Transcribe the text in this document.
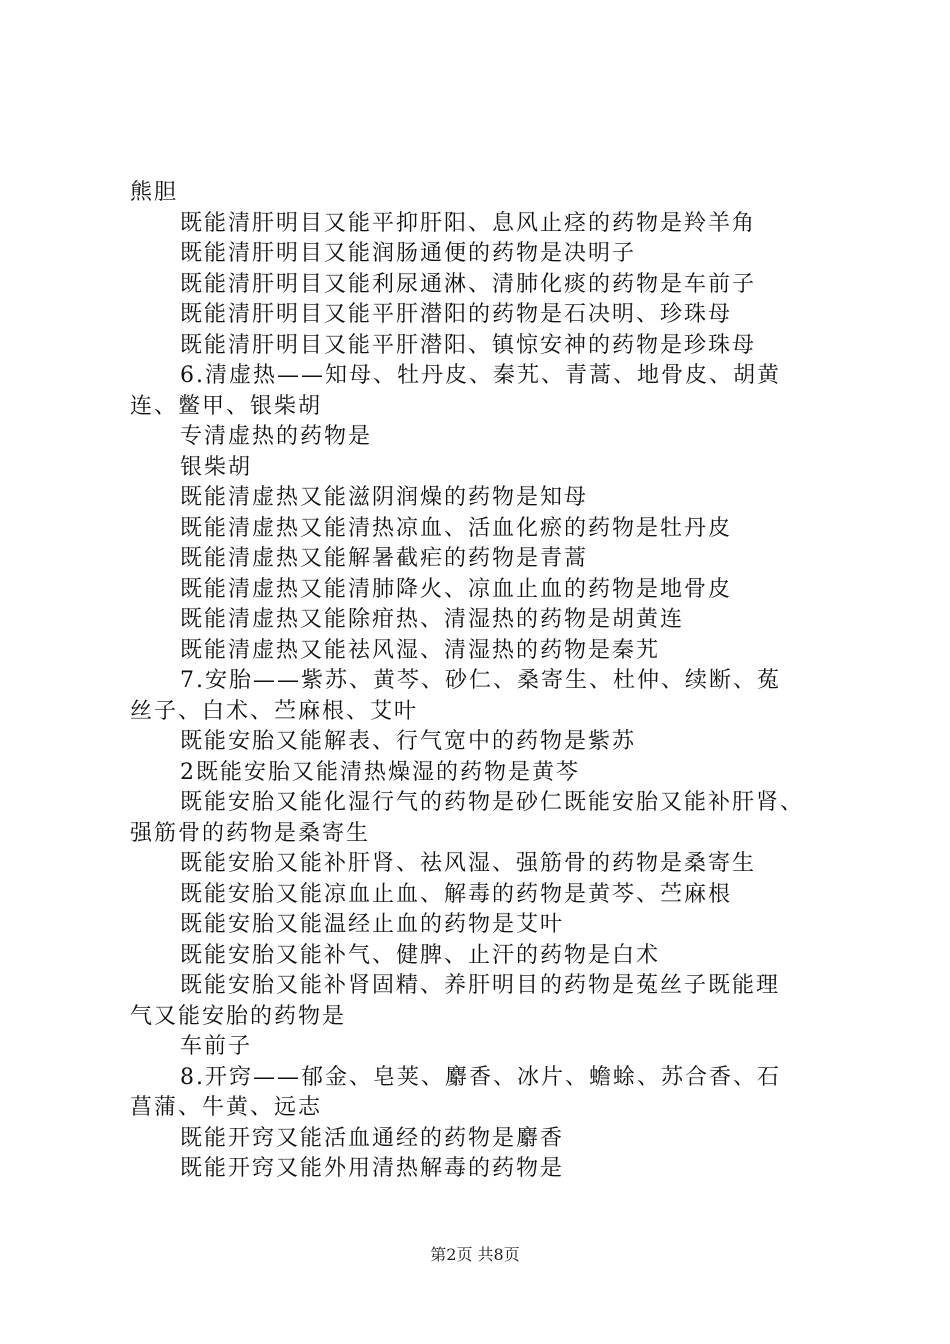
熊胆
既能清肝明目又能平抑肝阳、息风止痉的药物是羚羊角
既能清肝明目又能润肠通便的药物是决明子
既能清肝明目又能利尿通淋、清肺化痰的药物是车前子
既能清肝明目又能平肝潜阳的药物是石决明、珍珠母
既能清肝明目又能平肝潜阳、镇惊安神的药物是珍珠母
6.清虚热——知母、牡丹皮、秦艽、青蒿、地骨皮、胡黄
连、鳖甲、银柴胡
专清虚热的药物是
银柴胡
既能清虚热又能滋阴润燥的药物是知母
既能清虚热又能清热凉血、活血化瘀的药物是牡丹皮
既能清虚热又能解暑截疟的药物是青蒿
既能清虚热又能清肺降火、凉血止血的药物是地骨皮
既能清虚热又能除疳热、清湿热的药物是胡黄连
既能清虚热又能祛风湿、清湿热的药物是秦艽
7.安胎——紫苏、黄芩、砂仁、桑寄生、杜仲、续断、菟
丝子、白术、苎麻根、艾叶
既能安胎又能解表、行气宽中的药物是紫苏
2既能安胎又能清热燥湿的药物是黄芩
既能安胎又能化湿行气的药物是砂仁既能安胎又能补肝肾、
强筋骨的药物是桑寄生
既能安胎又能补肝肾、祛风湿、强筋骨的药物是桑寄生
既能安胎又能凉血止血、解毒的药物是黄芩、苎麻根
既能安胎又能温经止血的药物是艾叶
既能安胎又能补气、健脾、止汗的药物是白术
既能安胎又能补肾固精、养肝明目的药物是菟丝子既能理
气又能安胎的药物是
车前子
8.开窍——郁金、皂荚、麝香、冰片、蟾蜍、苏合香、石
菖蒲、牛黄、远志
既能开窍又能活血通经的药物是麝香
既能开窍又能外用清热解毒的药物是
第2页 共8页
